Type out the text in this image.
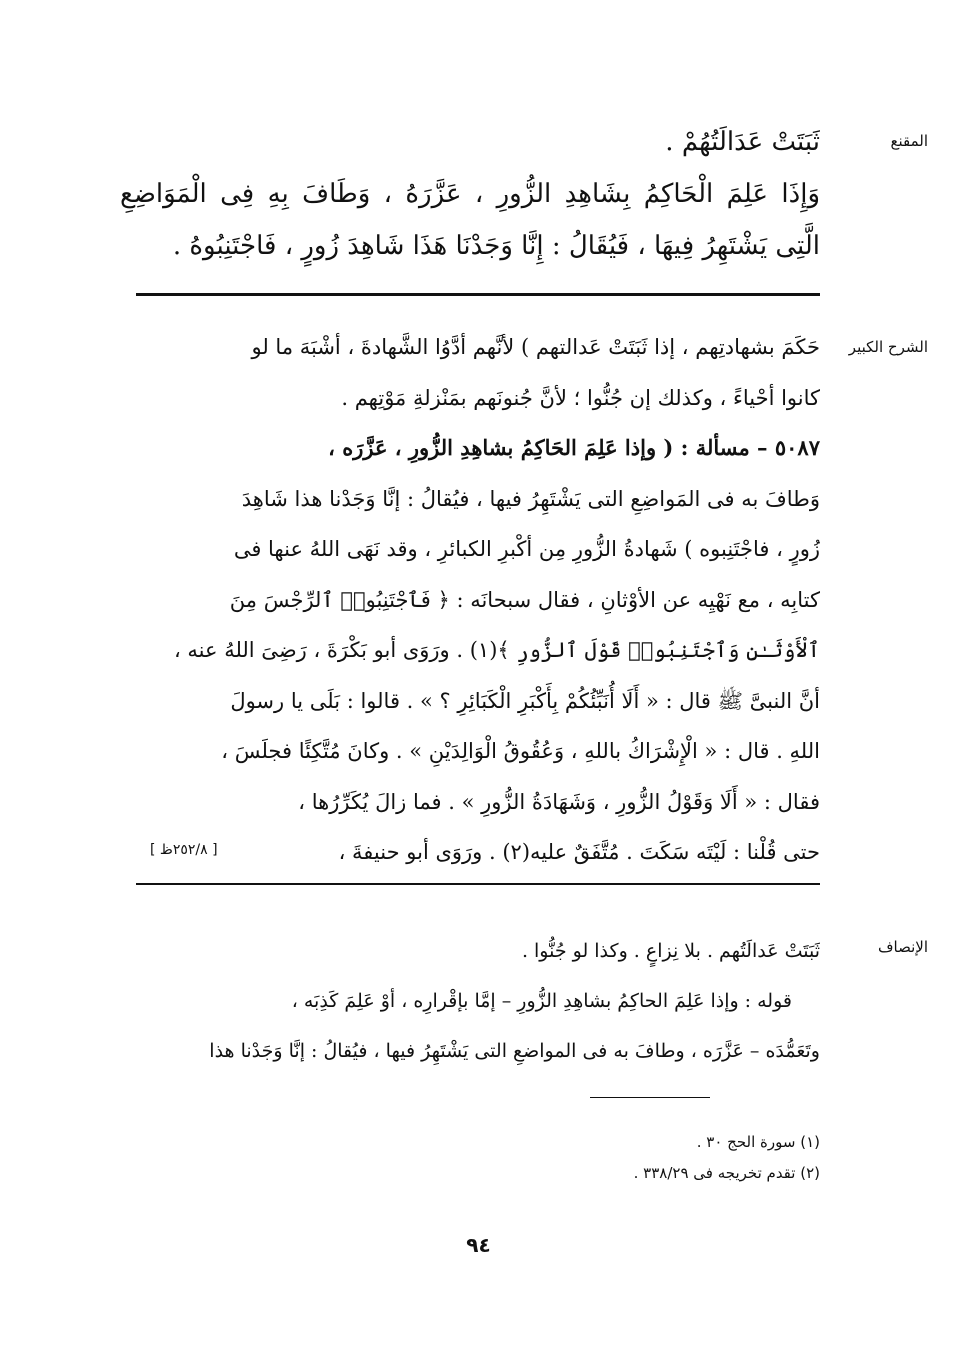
المقنع
الشرح الكبير
الإنصاف
ثَبَتَتْ عَدَالَتُهُمْ .
وَإِذَا عَلِمَ الْحَاكِمُ بِشَاهِدِ الزُّورِ ، عَزَّرَهُ ، وَطَافَ بِهِ فِى الْمَوَاضِعِ
الَّتِى يَشْتَهِرُ فِيهَا ، فَيُقَالُ : إِنَّا وَجَدْنَا هَذَا شَاهِدَ زُورٍ ، فَاجْتَنِبُوهُ .
حَكَمَ بشهادتِهم ، إذا ثَبَتَتْ عَدالتهم ) لأنَّهم أدَّوُا الشَّهادةَ ، أشْبَهَ ما لو
كانوا أحْياءً ، وكذلك إن جُنُّوا ؛ لأنَّ جُنونَهم بمَنْزلةِ مَوْتِهم .
٥٠٨٧ – مسألة : ( وإذا عَلِمَ الحَاكِمُ بشاهِدِ الزُّورِ ، عَزَّرَه ،
وَطافَ به فى المَواضِعِ التى يَشْتَهِرُ فيها ، فيُقالُ : إنَّا وَجَدْنا هذا شَاهِدَ
زُورٍ ، فاجْتَنِبوه ) شَهادةُ الزُّورِ مِن أكْبرِ الكبائرِ ، وقد نَهَى اللهُ عنها فى
كتابِه ، مع نَهْيِه عن الأوْثانِ ، فقال سبحانَه : ﴿ فَٱجْتَنِبُوا۟ ٱلرِّجْسَ مِنَ
ٱلْأَوْثَـٰنِ وَٱجْتَنِبُوا۟ قَوْلَ ٱلزُّورِ ﴾(١) . ورَوَى أبو بَكْرَةَ ، رَضِىَ اللهُ عنه ،
أنَّ النبىَّ ﷺ قال : « أَلَا أُنَبِّئُكُمْ بِأَكْبَرِ الْكَبَائِرِ ؟ » . قالوا : بَلَى يا رسولَ
اللهِ . قال : « الْإِشْرَاكُ باللهِ ، وَعُقُوقُ الْوَالِدَيْنِ » . وكانَ مُتَّكِئًا فجلَسَ ،
فقال : « أَلَا وَقَوْلُ الزُّورِ ، وَشَهَادَةُ الزُّورِ » . فما زالَ يُكَرِّرُها ،
حتى قُلْنا : لَيْتَه سَكَتَ . مُتَّفَقٌ عليه(٢) . ورَوَى أبو حنيفةَ ،
[ ٢٥٢/٨ظ ]
ثَبَتَتْ عَدالَتُهم . بلا نِزاعٍ . وكذا لو جُنُّوا .
قوله : وإذا عَلِمَ الحاكِمُ بشاهِدِ الزُّورِ – إمَّا بإقْرارِه ، أوْ عَلِمَ كَذِبَه ،
وتَعَمُّدَه – عَزَّرَه ، وطافَ به فى المواضعِ التى يَشْتَهِرُ فيها ، فيُقالُ : إنَّا وَجَدْنا هذا
(١) سورة الحج ٣٠ .
(٢) تقدم تخريجه فى ٣٣٨/٢٩ .
٩٤
